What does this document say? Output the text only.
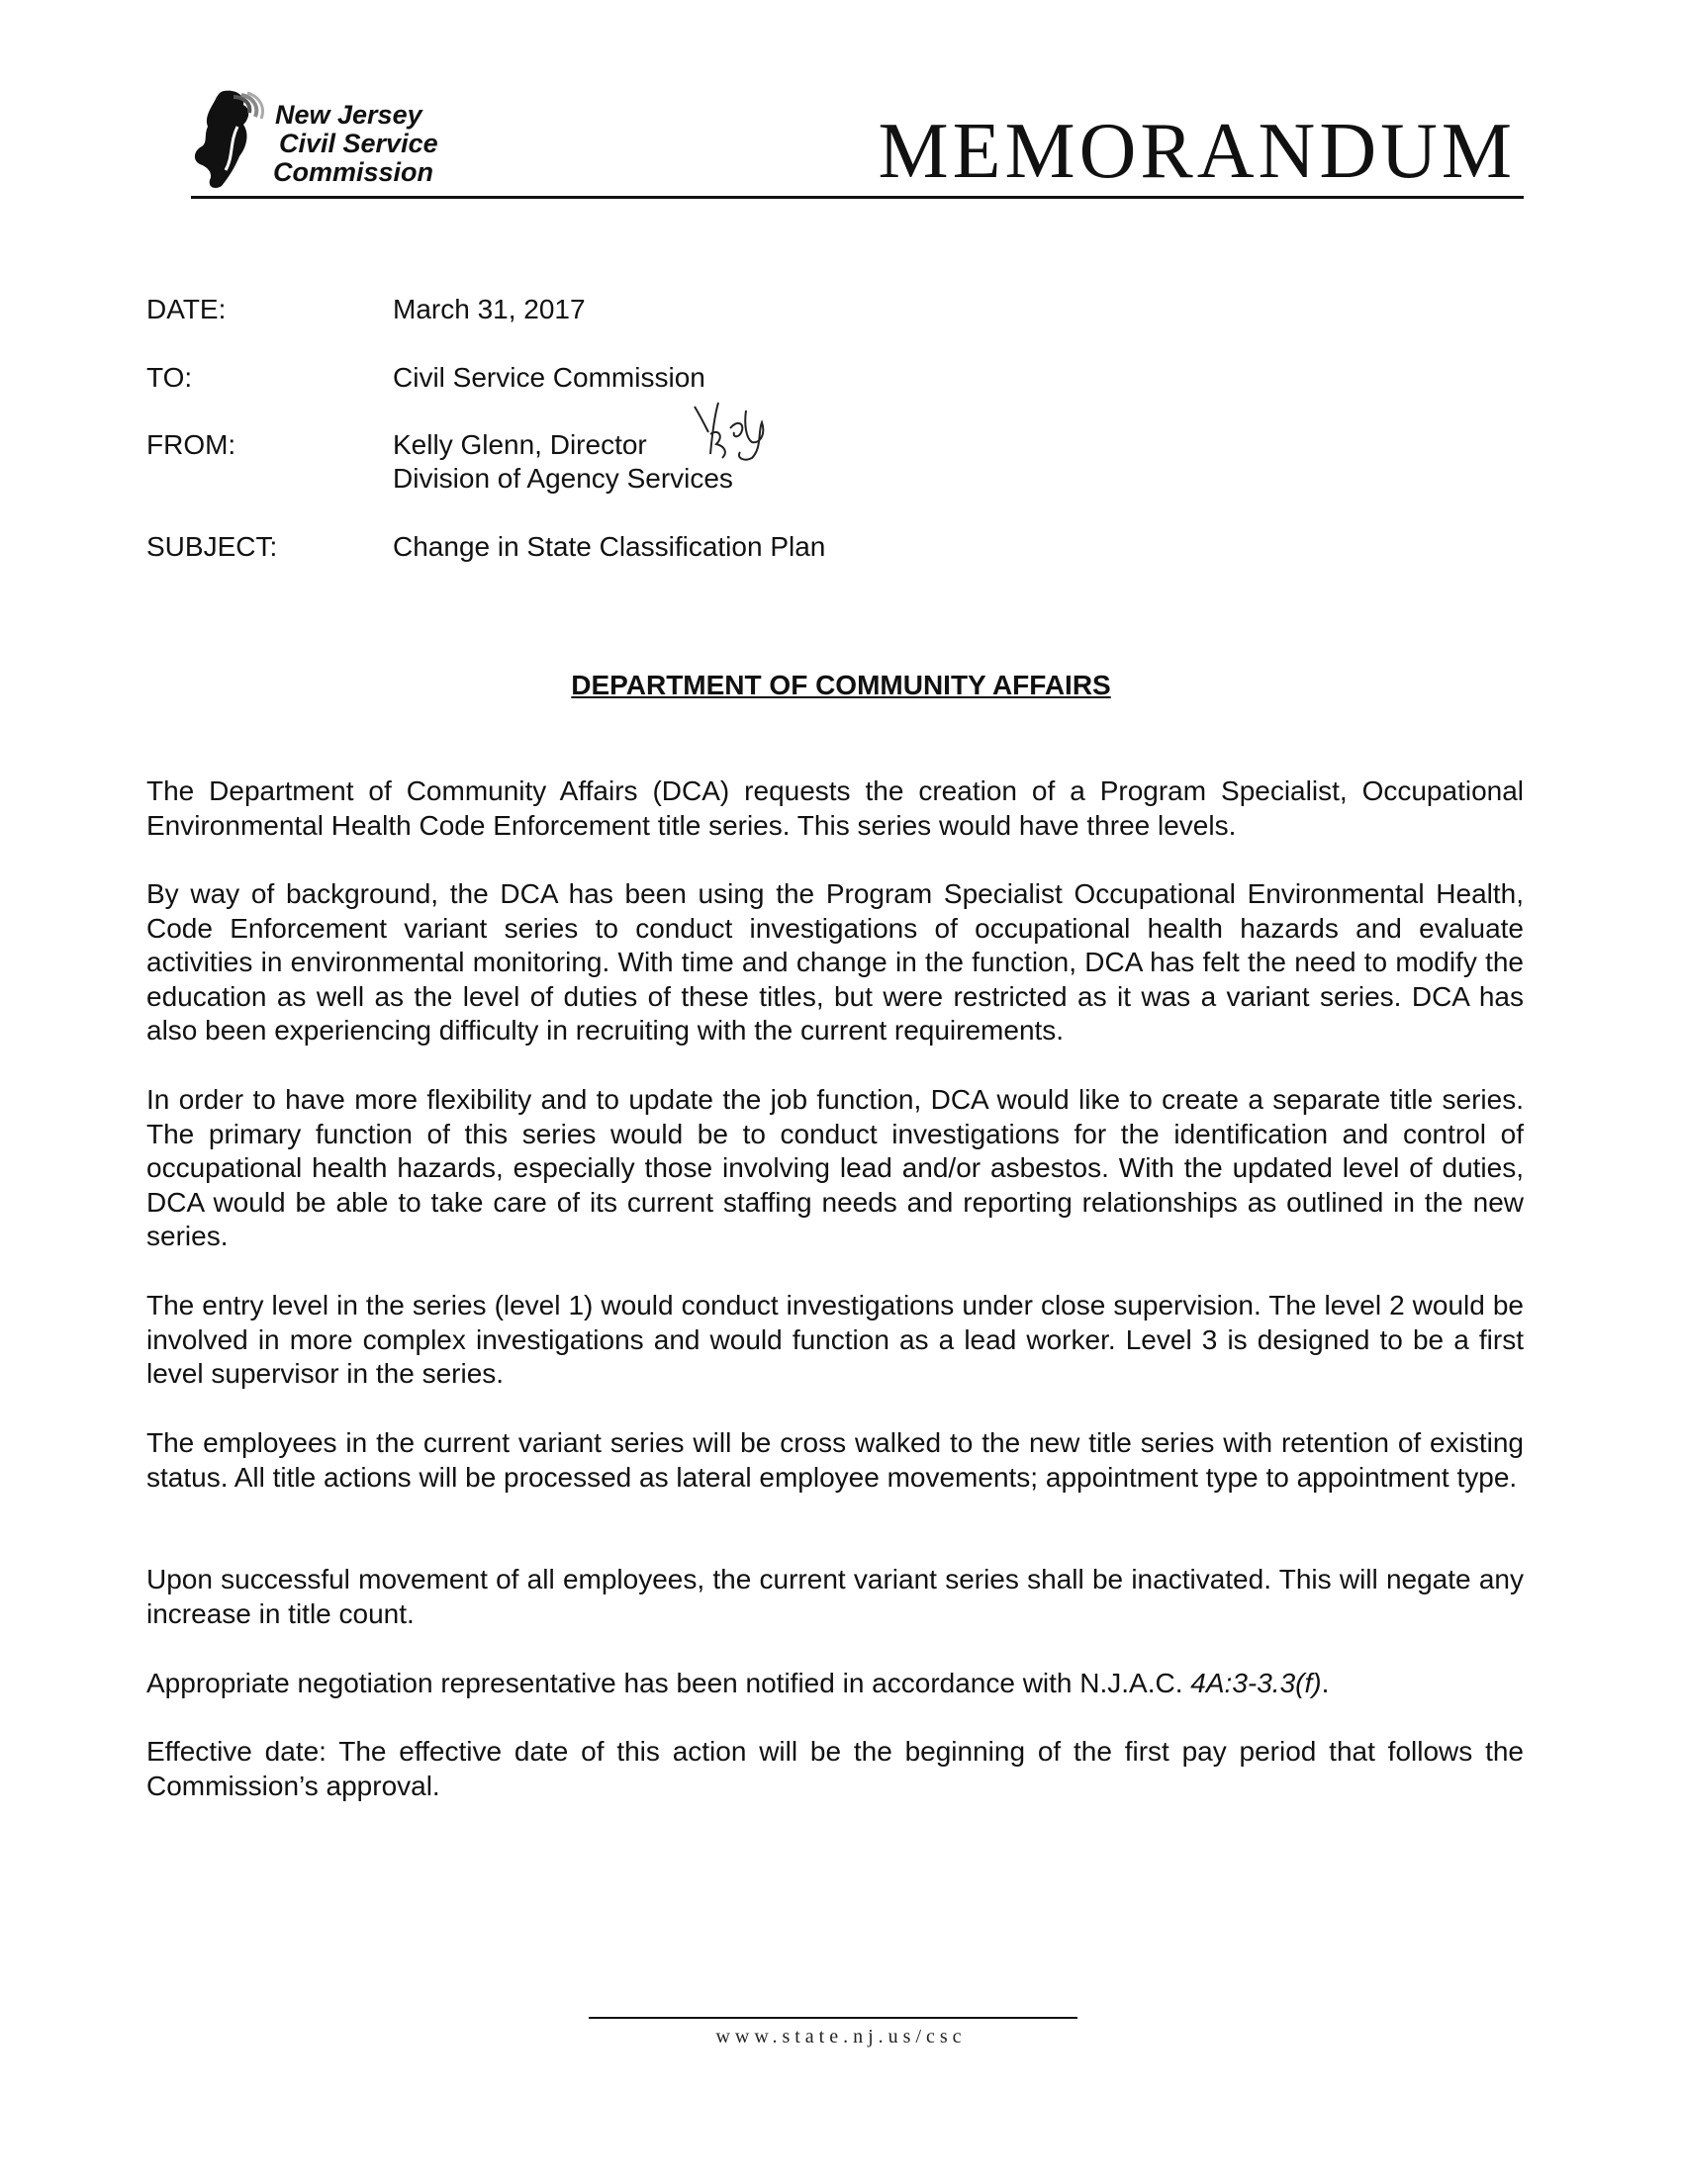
New Jersey
Civil Service
Commission	MEMORANDUM
DATE:	March 31, 2017
TO:	Civil Service Commission
FROM:	Kelly Glenn, Director
Division of Agency Services
SUBJECT:	Change in State Classification Plan
DEPARTMENT OF COMMUNITY AFFAIRS

The Department of Community Affairs (DCA) requests the creation of a Program Specialist, Occupational Environmental Health Code Enforcement title series. This series would have three levels.

By way of background, the DCA has been using the Program Specialist Occupational Environmental Health, Code Enforcement variant series to conduct investigations of occupational health hazards and evaluate activities in environmental monitoring. With time and change in the function, DCA has felt the need to modify the education as well as the level of duties of these titles, but were restricted as it was a variant series. DCA has also been experiencing difficulty in recruiting with the current requirements.

In order to have more flexibility and to update the job function, DCA would like to create a separate title series. The primary function of this series would be to conduct investigations for the identification and control of occupational health hazards, especially those involving lead and/or asbestos. With the updated level of duties, DCA would be able to take care of its current staffing needs and reporting relationships as outlined in the new series.

The entry level in the series (level 1) would conduct investigations under close supervision. The level 2 would be involved in more complex investigations and would function as a lead worker. Level 3 is designed to be a first level supervisor in the series.

The employees in the current variant series will be cross walked to the new title series with retention of existing status. All title actions will be processed as lateral employee movements; appointment type to appointment type.

Upon successful movement of all employees, the current variant series shall be inactivated. This will negate any increase in title count.

Appropriate negotiation representative has been notified in accordance with N.J.A.C. 4A:3-3.3(f).

Effective date: The effective date of this action will be the beginning of the first pay period that follows the Commission’s approval.

www.state.nj.us/csc
